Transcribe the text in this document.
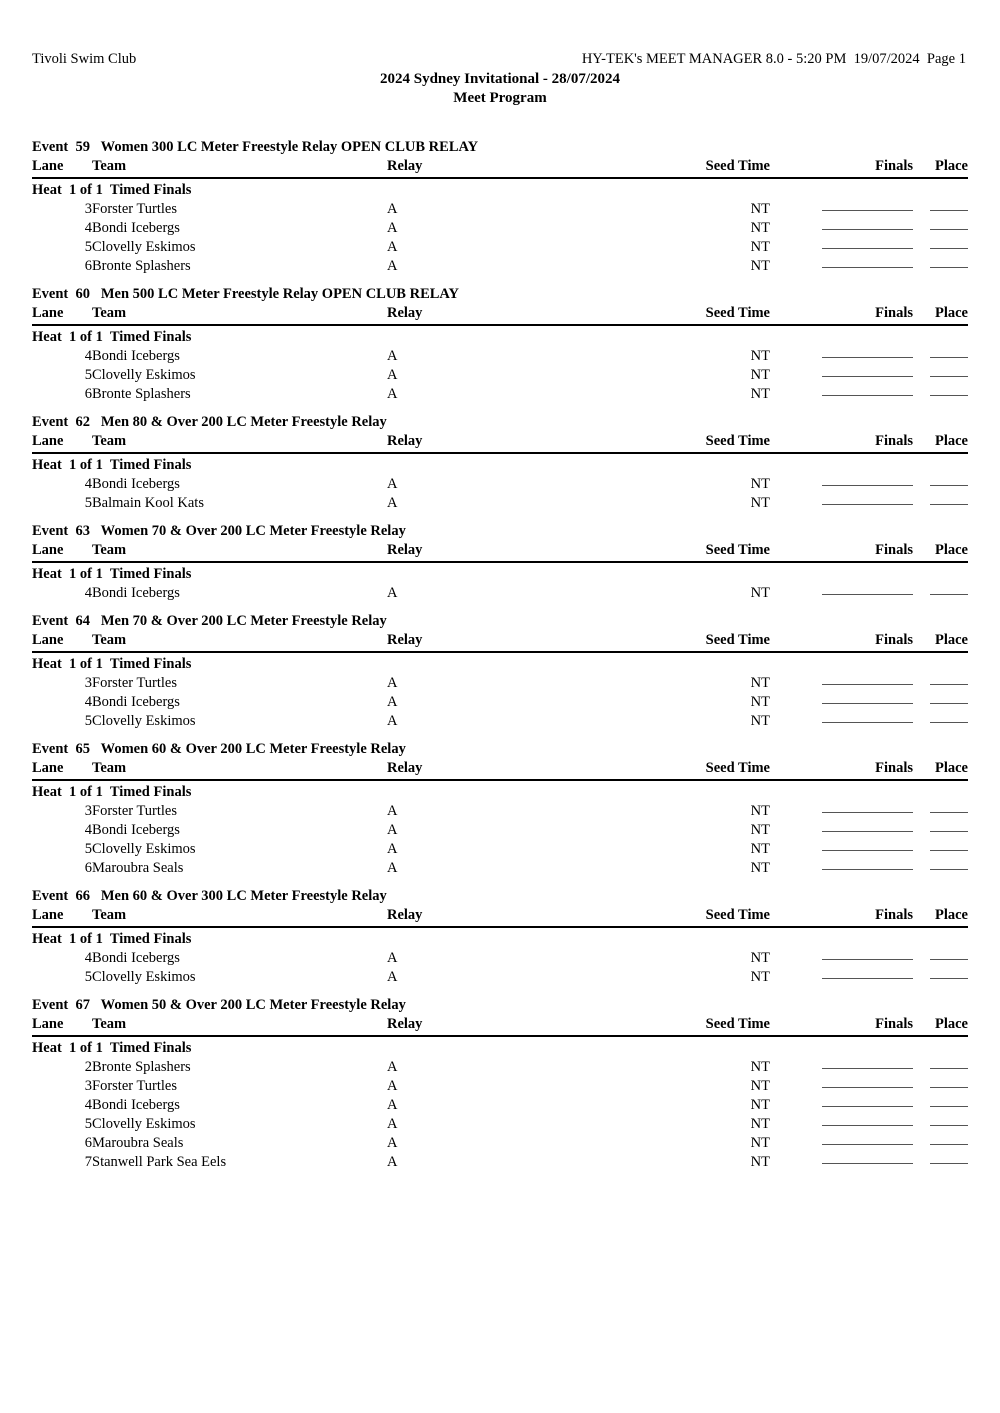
Tivoli Swim Club	HY-TEK's MEET MANAGER 8.0 - 5:20 PM  19/07/2024  Page 1
2024 Sydney Invitational - 28/07/2024
Meet Program
Event  59   Women 300 LC Meter Freestyle Relay OPEN CLUB RELAY
Lane	Team	Relay	Seed Time	Finals	Place
Heat  1 of 1  Timed Finals					
3	Forster Turtles	A	NT		
4	Bondi Icebergs	A	NT		
5	Clovelly Eskimos	A	NT		
6	Bronte Splashers	A	NT		
Event  60   Men 500 LC Meter Freestyle Relay OPEN CLUB RELAY
Lane	Team	Relay	Seed Time	Finals	Place
Heat  1 of 1  Timed Finals					
4	Bondi Icebergs	A	NT		
5	Clovelly Eskimos	A	NT		
6	Bronte Splashers	A	NT		
Event  62   Men 80 & Over 200 LC Meter Freestyle Relay
Lane	Team	Relay	Seed Time	Finals	Place
Heat  1 of 1  Timed Finals					
4	Bondi Icebergs	A	NT		
5	Balmain Kool Kats	A	NT		
Event  63   Women 70 & Over 200 LC Meter Freestyle Relay
Lane	Team	Relay	Seed Time	Finals	Place
Heat  1 of 1  Timed Finals					
4	Bondi Icebergs	A	NT		
Event  64   Men 70 & Over 200 LC Meter Freestyle Relay
Lane	Team	Relay	Seed Time	Finals	Place
Heat  1 of 1  Timed Finals					
3	Forster Turtles	A	NT		
4	Bondi Icebergs	A	NT		
5	Clovelly Eskimos	A	NT		
Event  65   Women 60 & Over 200 LC Meter Freestyle Relay
Lane	Team	Relay	Seed Time	Finals	Place
Heat  1 of 1  Timed Finals					
3	Forster Turtles	A	NT		
4	Bondi Icebergs	A	NT		
5	Clovelly Eskimos	A	NT		
6	Maroubra Seals	A	NT		
Event  66   Men 60 & Over 300 LC Meter Freestyle Relay
Lane	Team	Relay	Seed Time	Finals	Place
Heat  1 of 1  Timed Finals					
4	Bondi Icebergs	A	NT		
5	Clovelly Eskimos	A	NT		
Event  67   Women 50 & Over 200 LC Meter Freestyle Relay
Lane	Team	Relay	Seed Time	Finals	Place
Heat  1 of 1  Timed Finals					
2	Bronte Splashers	A	NT		
3	Forster Turtles	A	NT		
4	Bondi Icebergs	A	NT		
5	Clovelly Eskimos	A	NT		
6	Maroubra Seals	A	NT		
7	Stanwell Park Sea Eels	A	NT		
